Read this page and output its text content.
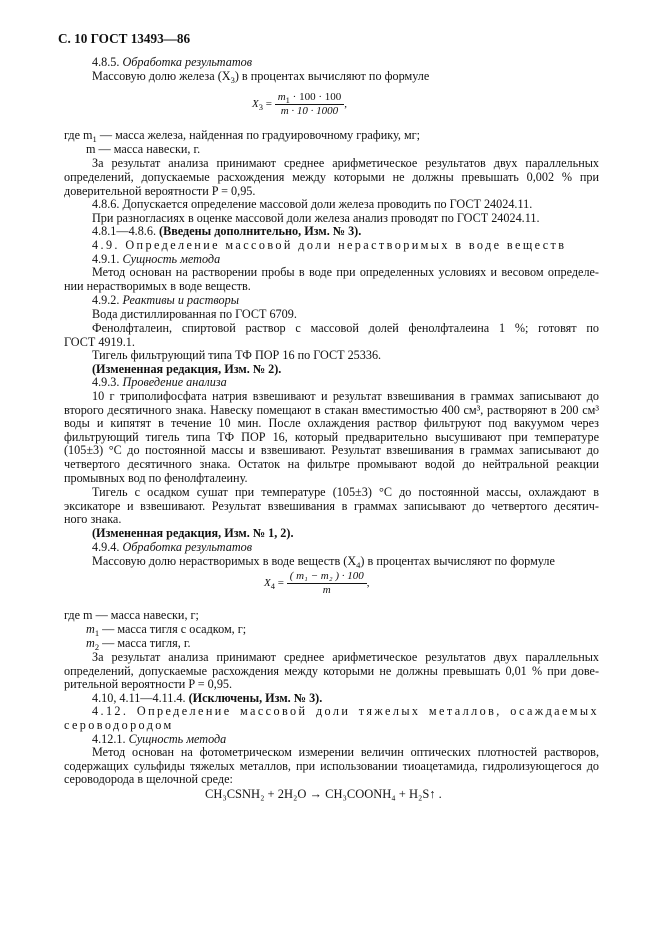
С. 10 ГОСТ 13493—86
4.8.5. Обработка результатов
Массовую долю железа $(X_3)$ в процентах вычисляют по формуле
$X_3 = \frac{m_1 \cdot 100 \cdot 100}{m \cdot 10 \cdot 1000}$ ,
где $m_1$ — масса железа, найденная по градуировочному графику, мг;
m — масса навески, г.
За результат анализа принимают среднее арифметическое результатов двух параллельных
определений, допускаемые расхождения между которыми не должны превышать 0,002 % при
доверительной вероятности P = 0,95.
4.8.6. Допускается определение массовой доли железа проводить по ГОСТ 24024.11.
При разногласиях в оценке массовой доли железа анализ проводят по ГОСТ 24024.11.
4.8.1—4.8.6. (Введены дополнительно, Изм. № 3).
4.9. Определение массовой доли нерастворимых в воде веществ
4.9.1. Сущность метода
Метод основан на растворении пробы в воде при определенных условиях и весовом определе-
нии нерастворимых в воде веществ.
4.9.2. Реактивы и растворы
Вода дистиллированная по ГОСТ 6709.
Фенолфталеин, спиртовой раствор с массовой долей фенолфталеина 1 %; готовят по
ГОСТ 4919.1.
Тигель фильтрующий типа ТФ ПОР 16 по ГОСТ 25336.
(Измененная редакция, Изм. № 2).
4.9.3. Проведение анализа
10 г триполифосфата натрия взвешивают и результат взвешивания в граммах записывают до
второго десятичного знака. Навеску помещают в стакан вместимостью 400 см³, растворяют в 200 см³
воды и кипятят в течение 10 мин. После охлаждения раствор фильтруют под вакуумом через
фильтрующий тигель типа ТФ ПОР 16, который предварительно высушивают при температуре
(105±3) °С до постоянной массы и взвешивают. Результат взвешивания в граммах записывают до
четвертого десятичного знака. Остаток на фильтре промывают водой до нейтральной реакции
промывных вод по фенолфталеину.
Тигель с осадком сушат при температуре (105±3) °С до постоянной массы, охлаждают в
эксикаторе и взвешивают. Результат взвешивания в граммах записывают до четвертого десятич-
ного знака.
(Измененная редакция, Изм. № 1, 2).
4.9.4. Обработка результатов
Массовую долю нерастворимых в воде веществ $(X_4)$ в процентах вычисляют по формуле
$X_4 = \frac{\text{( m₁ − m₂ ) · 100}}{m}$ ,
где m — масса навески, г;
$m_1$ — масса тигля с осадком, г;
$m_2$ — масса тигля, г.
За результат анализа принимают среднее арифметическое результатов двух параллельных
определений, допускаемые расхождения между которыми не должны превышать 0,01 % при дове-
рительной вероятности P = 0,95.
4.10, 4.11—4.11.4. (Исключены, Изм. № 3).
4.12. Определение массовой доли тяжелых металлов, осаждаемых
сероводородом
4.12.1. Сущность метода
Метод основан на фотометрическом измерении величин оптических плотностей растворов,
содержащих сульфиды тяжелых металлов, при использовании тиоацетамида, гидролизующегося до
сероводорода в щелочной среде:
CH₃CSNH₂ + 2H₂O → CH₃COONH₄ + H₂S↑ .
